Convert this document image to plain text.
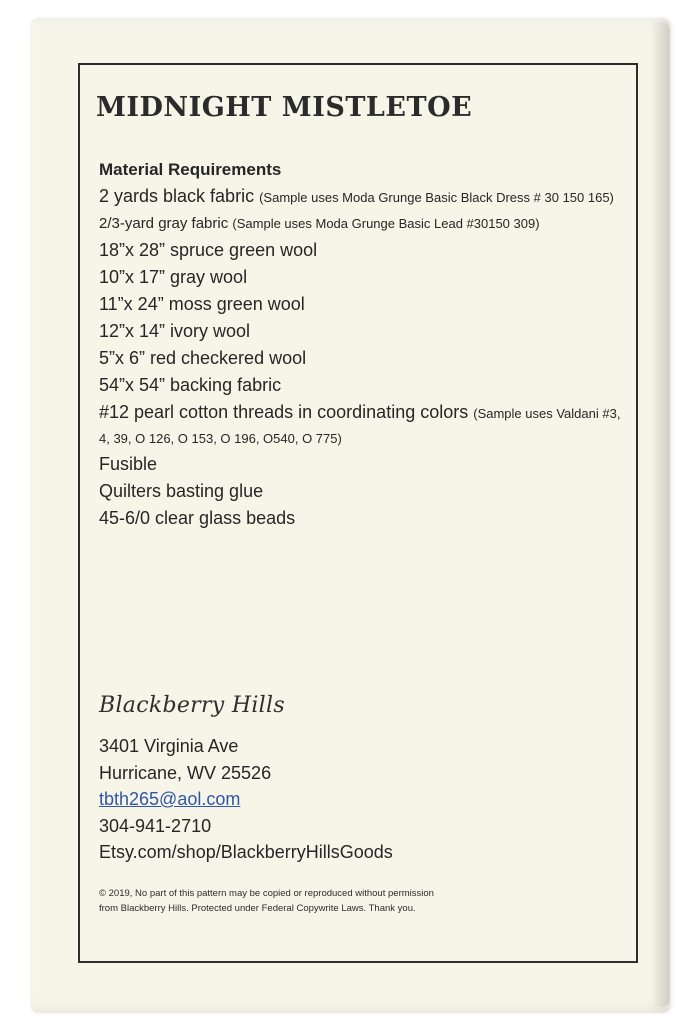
MIDNIGHT MISTLETOE
Material Requirements
2 yards black fabric (Sample uses Moda Grunge Basic Black Dress # 30 150 165)
2/3-yard gray fabric (Sample uses Moda Grunge Basic Lead #30150 309)
18”x 28” spruce green wool
10”x 17” gray wool
11”x 24” moss green wool
12”x 14” ivory wool
5”x 6” red checkered wool
54”x 54” backing fabric
#12 pearl cotton threads in coordinating colors (Sample uses Valdani #3, 4, 39, O 126, O 153, O 196, O540, O 775)
Fusible
Quilters basting glue
45-6/0 clear glass beads
Blackberry Hills
3401 Virginia Ave
Hurricane, WV 25526
tbth265@aol.com
304-941-2710
Etsy.com/shop/BlackberryHillsGoods
© 2019, No part of this pattern may be copied or reproduced without permission from Blackberry Hills. Protected under Federal Copywrite Laws. Thank you.
